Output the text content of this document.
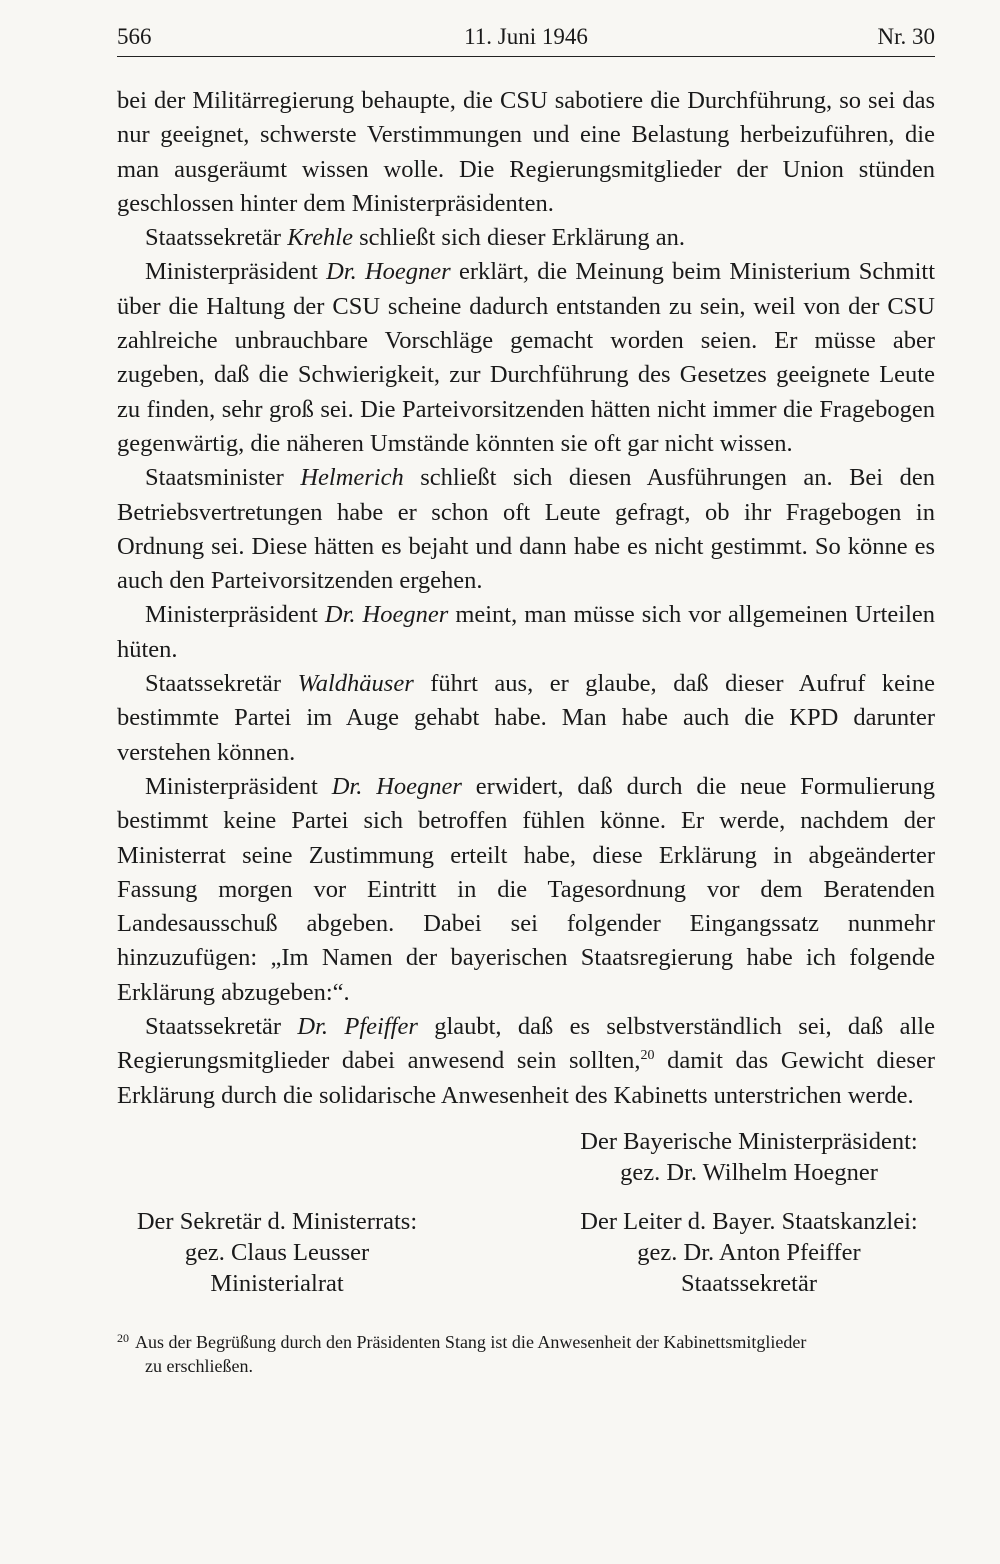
566	11. Juni 1946	Nr. 30

bei der Militärregierung behaupte, die CSU sabotiere die Durchführung, so sei das nur geeignet, schwerste Verstimmungen und eine Belastung herbeizuführen, die man ausgeräumt wissen wolle. Die Regierungsmitglieder der Union stünden geschlossen hinter dem Ministerpräsidenten.

Staatssekretär Krehle schließt sich dieser Erklärung an.

Ministerpräsident Dr. Hoegner erklärt, die Meinung beim Ministerium Schmitt über die Haltung der CSU scheine dadurch entstanden zu sein, weil von der CSU zahlreiche unbrauchbare Vorschläge gemacht worden seien. Er müsse aber zugeben, daß die Schwierigkeit, zur Durchführung des Gesetzes geeignete Leute zu finden, sehr groß sei. Die Parteivorsitzenden hätten nicht immer die Fragebogen gegenwärtig, die näheren Umstände könnten sie oft gar nicht wissen.

Staatsminister Helmerich schließt sich diesen Ausführungen an. Bei den Betriebsvertretungen habe er schon oft Leute gefragt, ob ihr Fragebogen in Ordnung sei. Diese hätten es bejaht und dann habe es nicht gestimmt. So könne es auch den Parteivorsitzenden ergehen.

Ministerpräsident Dr. Hoegner meint, man müsse sich vor allgemeinen Urteilen hüten.

Staatssekretär Waldhäuser führt aus, er glaube, daß dieser Aufruf keine bestimmte Partei im Auge gehabt habe. Man habe auch die KPD darunter verstehen können.

Ministerpräsident Dr. Hoegner erwidert, daß durch die neue Formulierung bestimmt keine Partei sich betroffen fühlen könne. Er werde, nachdem der Ministerrat seine Zustimmung erteilt habe, diese Erklärung in abgeänderter Fassung morgen vor Eintritt in die Tagesordnung vor dem Beratenden Landesausschuß abgeben. Dabei sei folgender Eingangssatz nunmehr hinzuzufügen: „Im Namen der bayerischen Staatsregierung habe ich folgende Erklärung abzugeben:“.

Staatssekretär Dr. Pfeiffer glaubt, daß es selbstverständlich sei, daß alle Regierungsmitglieder dabei anwesend sein sollten,$^{20}$ damit das Gewicht dieser Erklärung durch die solidarische Anwesenheit des Kabinetts unterstrichen werde.

Der Bayerische Ministerpräsident:
gez. Dr. Wilhelm Hoegner
Der Sekretär d. Ministerrats:
gez. Claus Leusser
Ministerialrat
Der Leiter d. Bayer. Staatskanzlei:
gez. Dr. Anton Pfeiffer
Staatssekretär
$^{20}$ Aus der Begrüßung durch den Präsidenten Stang ist die Anwesenheit der Kabinettsmitglieder
zu erschließen.
